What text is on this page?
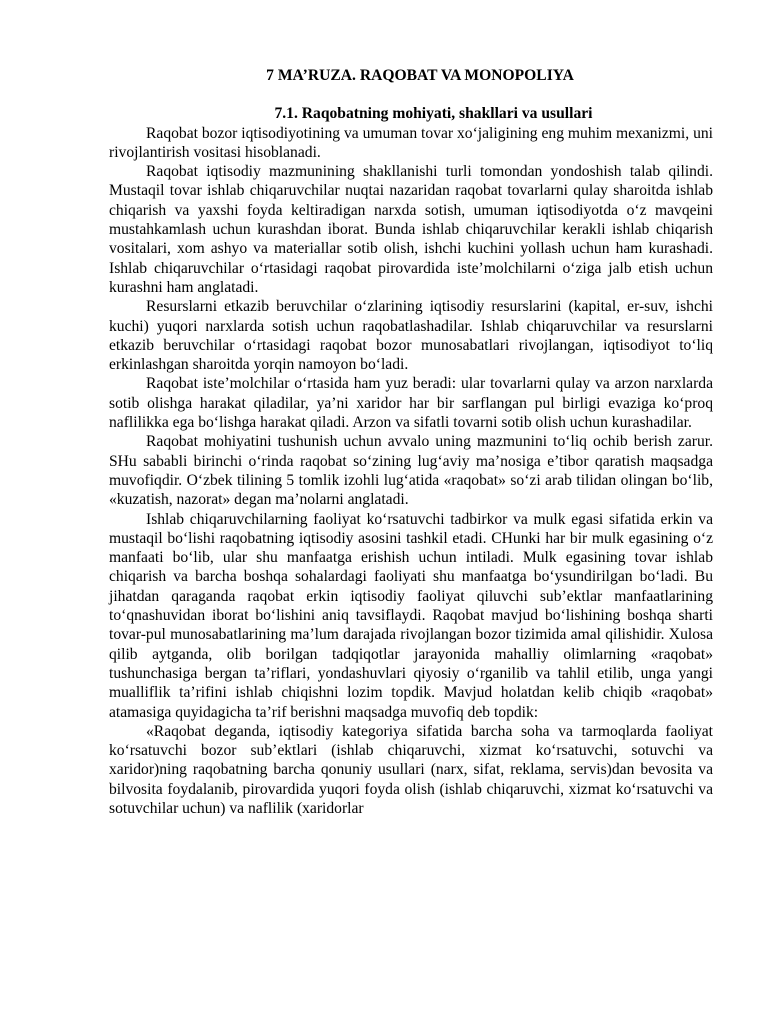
7 MA’RUZA. RAQOBAT VA MONOPOLIYA
7.1. Raqobatning mohiyati, shakllari va usullari

Raqobat bozor iqtisodiyotining va umuman tovar xo‘jaligining eng muhim mexanizmi, uni rivojlantirish vositasi hisoblanadi.

Raqobat iqtisodiy mazmunining shakllanishi turli tomondan yondoshish talab qilindi. Mustaqil tovar ishlab chiqaruvchilar nuqtai nazaridan raqobat tovarlarni qulay sharoitda ishlab chiqarish va yaxshi foyda keltiradigan narxda sotish, umuman iqtisodiyotda o‘z mavqeini mustahkamlash uchun kurashdan iborat. Bunda ishlab chiqaruvchilar kerakli ishlab chiqarish vositalari, xom ashyo va materiallar sotib olish, ishchi kuchini yollash uchun ham kurashadi. Ishlab chiqaruvchilar o‘rtasidagi raqobat pirovardida iste’molchilarni o‘ziga jalb etish uchun kurashni ham anglatadi.

Resurslarni etkazib beruvchilar o‘zlarining iqtisodiy resurslarini (kapital, er-suv, ishchi kuchi) yuqori narxlarda sotish uchun raqobatlashadilar. Ishlab chiqaruvchilar va resurslarni etkazib beruvchilar o‘rtasidagi raqobat bozor munosabatlari rivojlangan, iqtisodiyot to‘liq erkinlashgan sharoitda yorqin namoyon bo‘ladi.

Raqobat iste’molchilar o‘rtasida ham yuz beradi: ular tovarlarni qulay va arzon narxlarda sotib olishga harakat qiladilar, ya’ni xaridor har bir sarflangan pul birligi evaziga ko‘proq naflilikka ega bo‘lishga harakat qiladi. Arzon va sifatli tovarni sotib olish uchun kurashadilar.

Raqobat mohiyatini tushunish uchun avvalo uning mazmunini to‘liq ochib berish zarur. SHu sababli birinchi o‘rinda raqobat so‘zining lug‘aviy ma’nosiga e’tibor qaratish maqsadga muvofiqdir. O‘zbek tilining 5 tomlik izohli lug‘atida «raqobat» so‘zi arab tilidan olingan bo‘lib, «kuzatish, nazorat» degan ma’nolarni anglatadi.

Ishlab chiqaruvchilarning faoliyat ko‘rsatuvchi tadbirkor va mulk egasi sifatida erkin va mustaqil bo‘lishi raqobatning iqtisodiy asosini tashkil etadi. CHunki har bir mulk egasining o‘z manfaati bo‘lib, ular shu manfaatga erishish uchun intiladi. Mulk egasining tovar ishlab chiqarish va barcha boshqa sohalardagi faoliyati shu manfaatga bo‘ysundirilgan bo‘ladi. Bu jihatdan qaraganda raqobat erkin iqtisodiy faoliyat qiluvchi sub’ektlar manfaatlarining to‘qnashuvidan iborat bo‘lishini aniq tavsiflaydi. Raqobat mavjud bo‘lishining boshqa sharti tovar-pul munosabatlarining ma’lum darajada rivojlangan bozor tizimida amal qilishidir. Xulosa qilib aytganda, olib borilgan tadqiqotlar jarayonida mahalliy olimlarning «raqobat» tushunchasiga bergan ta’riflari, yondashuvlari qiyosiy o‘rganilib va tahlil etilib, unga yangi mualliflik ta’rifini ishlab chiqishni lozim topdik. Mavjud holatdan kelib chiqib «raqobat» atamasiga quyidagicha ta’rif berishni maqsadga muvofiq deb topdik:

«Raqobat deganda, iqtisodiy kategoriya sifatida barcha soha va tarmoqlarda faoliyat ko‘rsatuvchi bozor sub’ektlari (ishlab chiqaruvchi, xizmat ko‘rsatuvchi, sotuvchi va xaridor)ning raqobatning barcha qonuniy usullari (narx, sifat, reklama, servis)dan bevosita va bilvosita foydalanib, pirovardida yuqori foyda olish (ishlab chiqaruvchi, xizmat ko‘rsatuvchi va sotuvchilar uchun) va naflilik (xaridorlar
